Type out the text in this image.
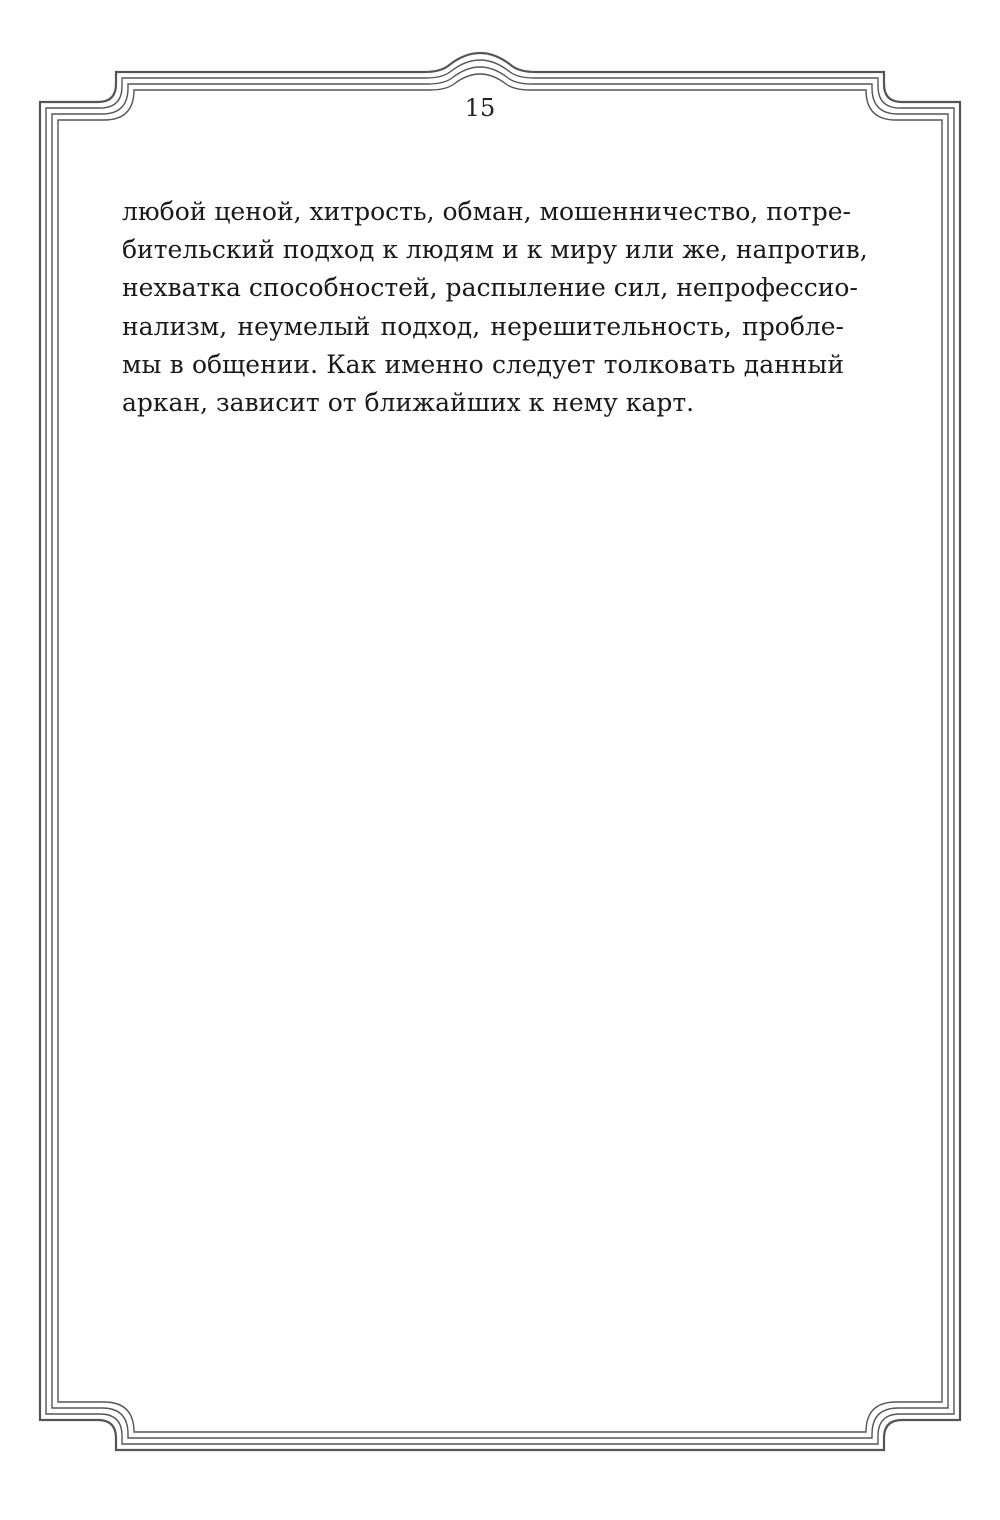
15
любой ценой, хитрость, обман, мошенничество, потре-
бительский подход к людям и к миру или же, напротив,
нехватка способностей, распыление сил, непрофессио-
нализм, неумелый подход, нерешительность, пробле-
мы в общении. Как именно следует толковать данный
аркан, зависит от ближайших к нему карт.
